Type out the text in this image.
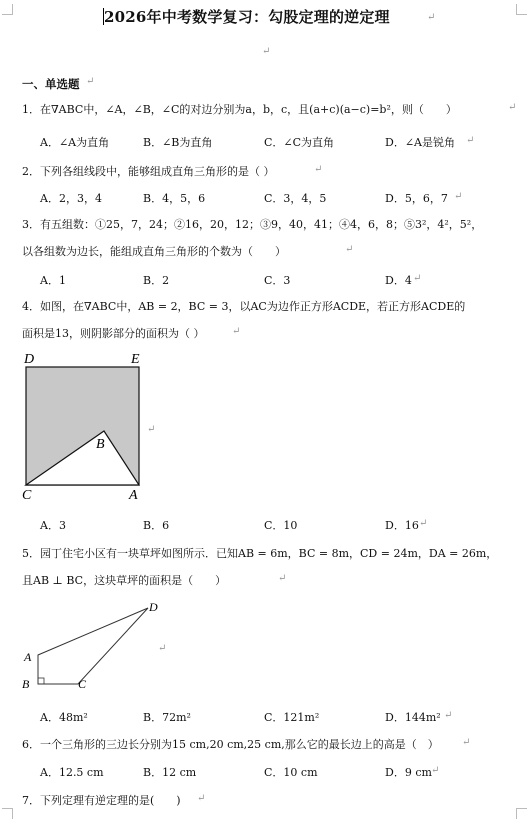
2026年中考数学复习：勾股定理的逆定理	↵
↵
一、单选题 ↵
1．在∇ABC中，∠A，∠B，∠C的对边分别为a，b，c，且(a+c)(a−c)=b²，则（　　）	↵
A．∠A为直角	B．∠B为直角	C．∠C为直角	D．∠A是锐角 ↵
2．下列各组线段中，能够组成直角三角形的是（ ）	↵
A．2，3，4	B．4，5，6	C．3，4，5	D．5，6，7 ↵
3．有五组数：①25，7，24；②16，20，12；③9，40，41；④4，6，8；⑤3²，4²，5²，
以各组数为边长，能组成直角三角形的个数为（　　）	↵
A．1	B．2	C．3	D．4 ↵
4．如图，在∇ABC中，AB = 2，BC = 3，以AC为边作正方形ACDE，若正方形ACDE的
面积是13，则阴影部分的面积为（ ）	↵
D	E
B
C	A
↵
A．3	B．6	C．10	D．16 ↵
5．园丁住宅小区有一块草坪如图所示．已知AB = 6m，BC = 8m，CD = 24m，DA = 26m，
且AB ⊥ BC，这块草坪的面积是（　　）	↵
D
A
B	C
↵
A．48m²	B．72m²	C．121m²	D．144m² ↵
6．一个三角形的三边长分别为15 cm,20 cm,25 cm,那么它的最长边上的高是（　） ↵
A．12.5 cm	B．12 cm	C．10 cm	D．9 cm ↵
7．下列定理有逆定理的是(　　) ↵
